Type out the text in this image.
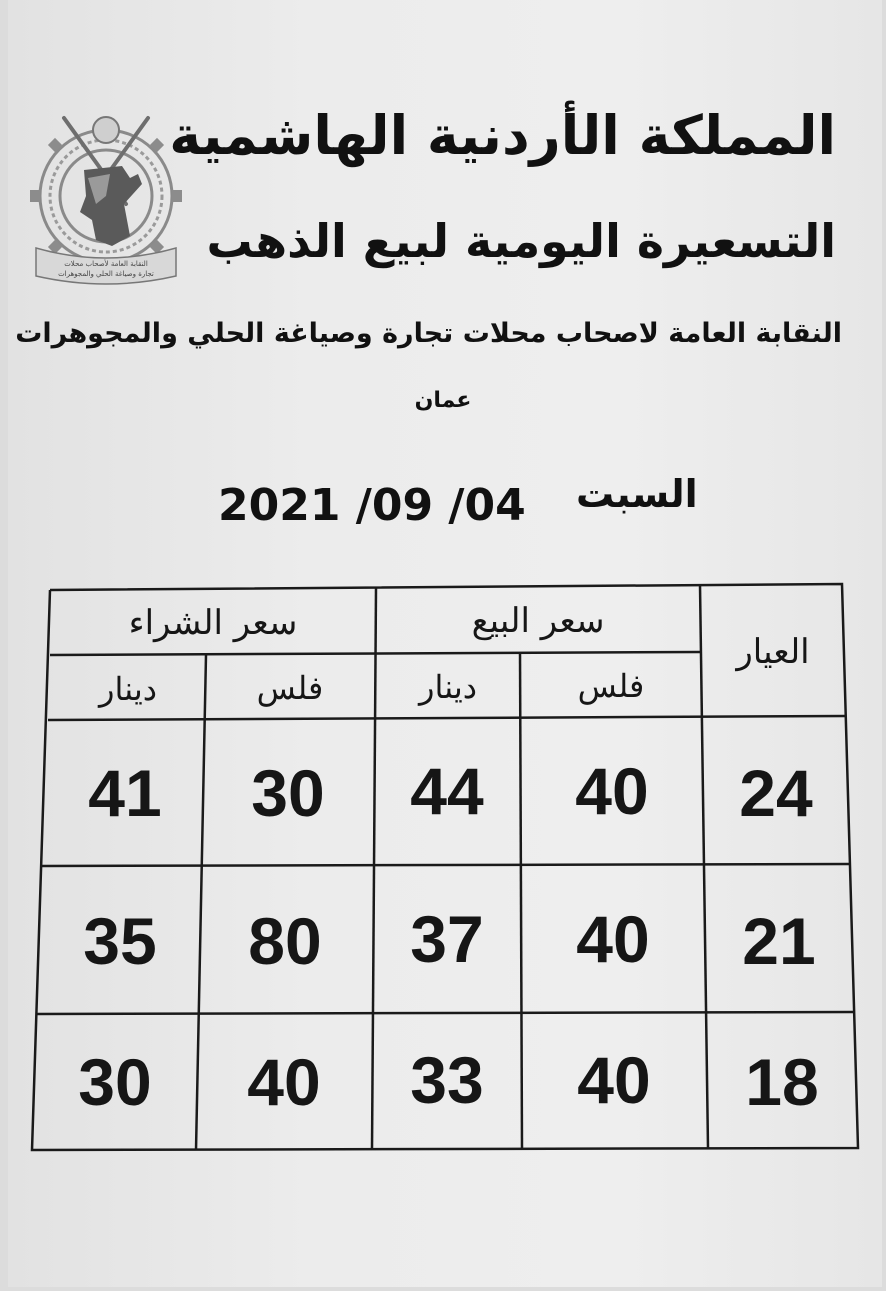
النقابة العامة لأصحاب محلات
تجارة وصياغة الحلي والمجوهرات
المملكة الأردنية الهاشمية
التسعيرة اليومية لبيع الذهب
النقابة العامة لاصحاب محلات تجارة وصياغة الحلي والمجوهرات
عمان
2021 /09 /04 السبت
العيار
سعر البيع
سعر الشراء
فلس
دينار
فلس
دينار
24
40
44
30
41
21
40
37
80
35
18
40
33
40
30
